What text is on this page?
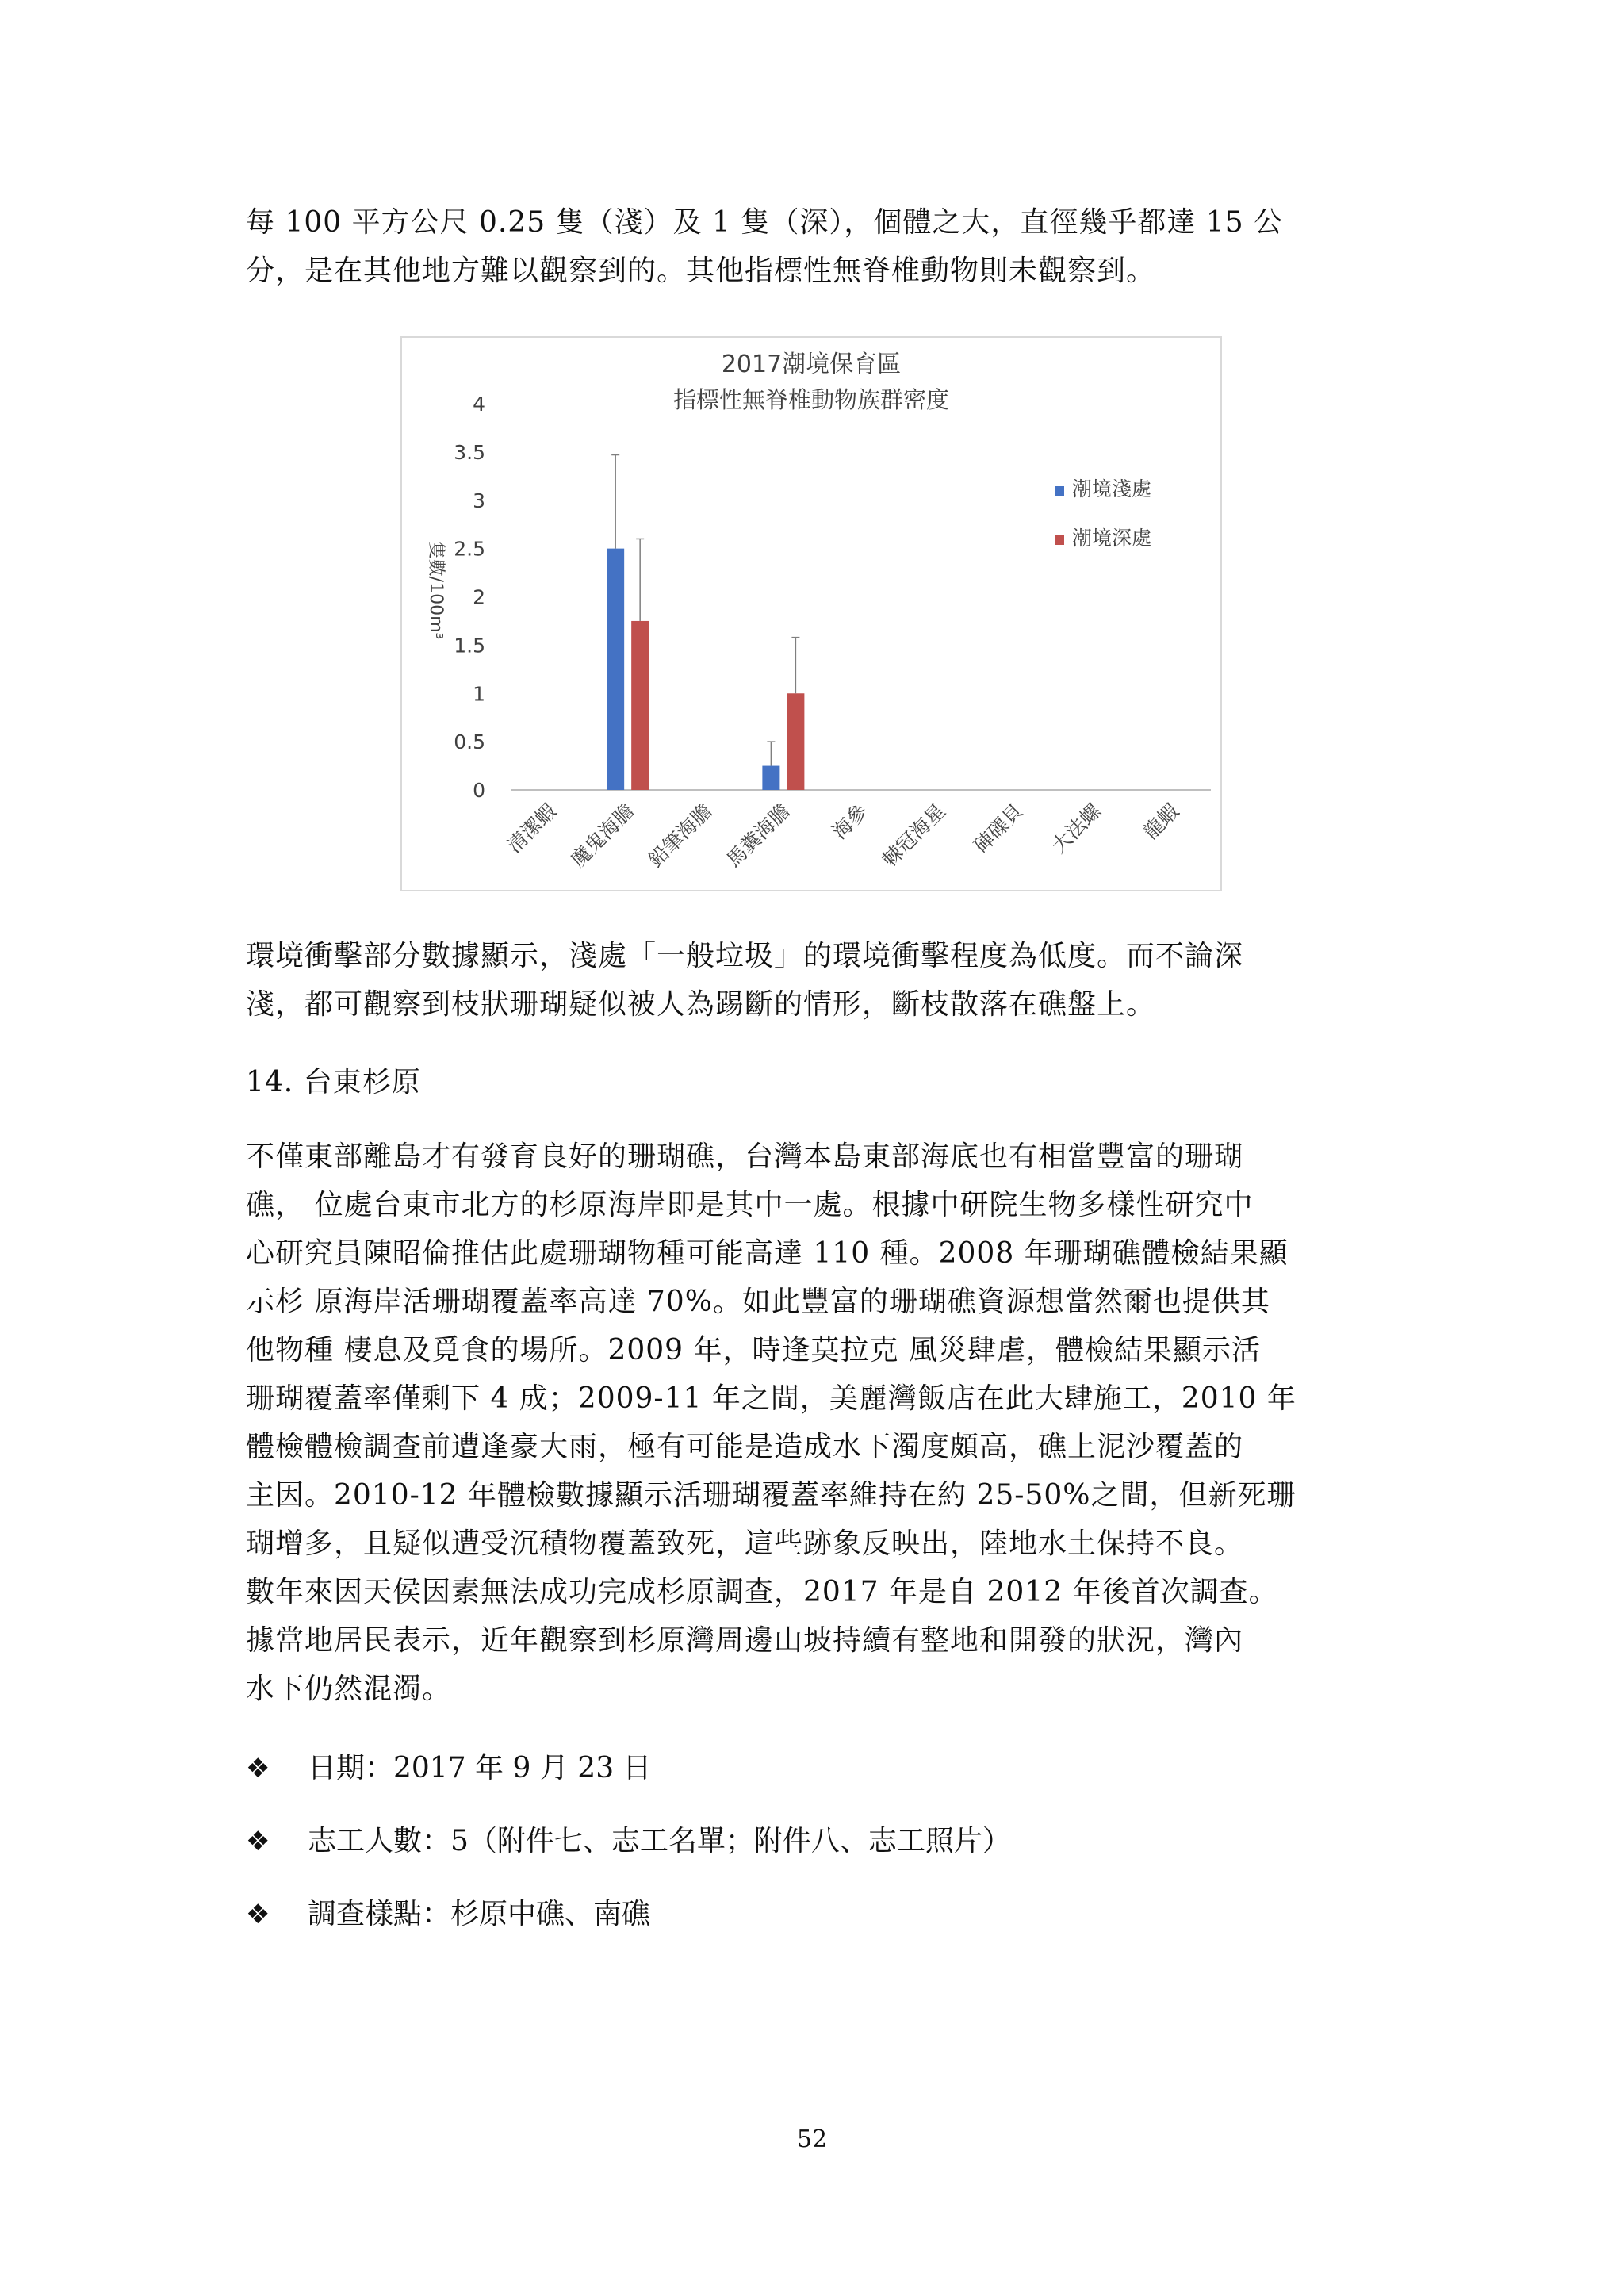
每 100 平方公尺 0.25 隻（淺）及 1 隻（深），個體之大，直徑幾乎都達 15 公

分，是在其他地方難以觀察到的。其他指標性無脊椎動物則未觀察到。

2017潮境保育區
指標性無脊椎動物族群密度
0
0.5
1
1.5
2
2.5
3
3.5
4
隻數/100m³
清潔蝦 魔鬼海膽 鉛筆海膽 馬糞海膽 海參 棘冠海星 硨磲貝 大法螺 龍蝦
潮境淺處
潮境深處

環境衝擊部分數據顯示，淺處「一般垃圾」的環境衝擊程度為低度。而不論深

淺，都可觀察到枝狀珊瑚疑似被人為踢斷的情形，斷枝散落在礁盤上。

14. 台東杉原

不僅東部離島才有發育良好的珊瑚礁，台灣本島東部海底也有相當豐富的珊瑚

礁， 位處台東市北方的杉原海岸即是其中一處。根據中研院生物多樣性研究中

心研究員陳昭倫推估此處珊瑚物種可能高達 110 種。2008 年珊瑚礁體檢結果顯

示杉 原海岸活珊瑚覆蓋率高達 70%。如此豐富的珊瑚礁資源想當然爾也提供其

他物種 棲息及覓食的場所。2009 年，時逢莫拉克 風災肆虐，體檢結果顯示活

珊瑚覆蓋率僅剩下 4 成；2009-11 年之間，美麗灣飯店在此大肆施工，2010 年

體檢體檢調查前遭逢豪大雨，極有可能是造成水下濁度頗高，礁上泥沙覆蓋的

主因。2010-12 年體檢數據顯示活珊瑚覆蓋率維持在約 25-50%之間，但新死珊

瑚增多，且疑似遭受沉積物覆蓋致死，這些跡象反映出，陸地水土保持不良。

數年來因天侯因素無法成功完成杉原調查，2017 年是自 2012 年後首次調查。

據當地居民表示，近年觀察到杉原灣周邊山坡持續有整地和開發的狀況，灣內

水下仍然混濁。

❖ 日期：2017 年 9 月 23 日
❖ 志工人數：5（附件七、志工名單；附件八、志工照片）
❖ 調查樣點：杉原中礁、南礁
52
